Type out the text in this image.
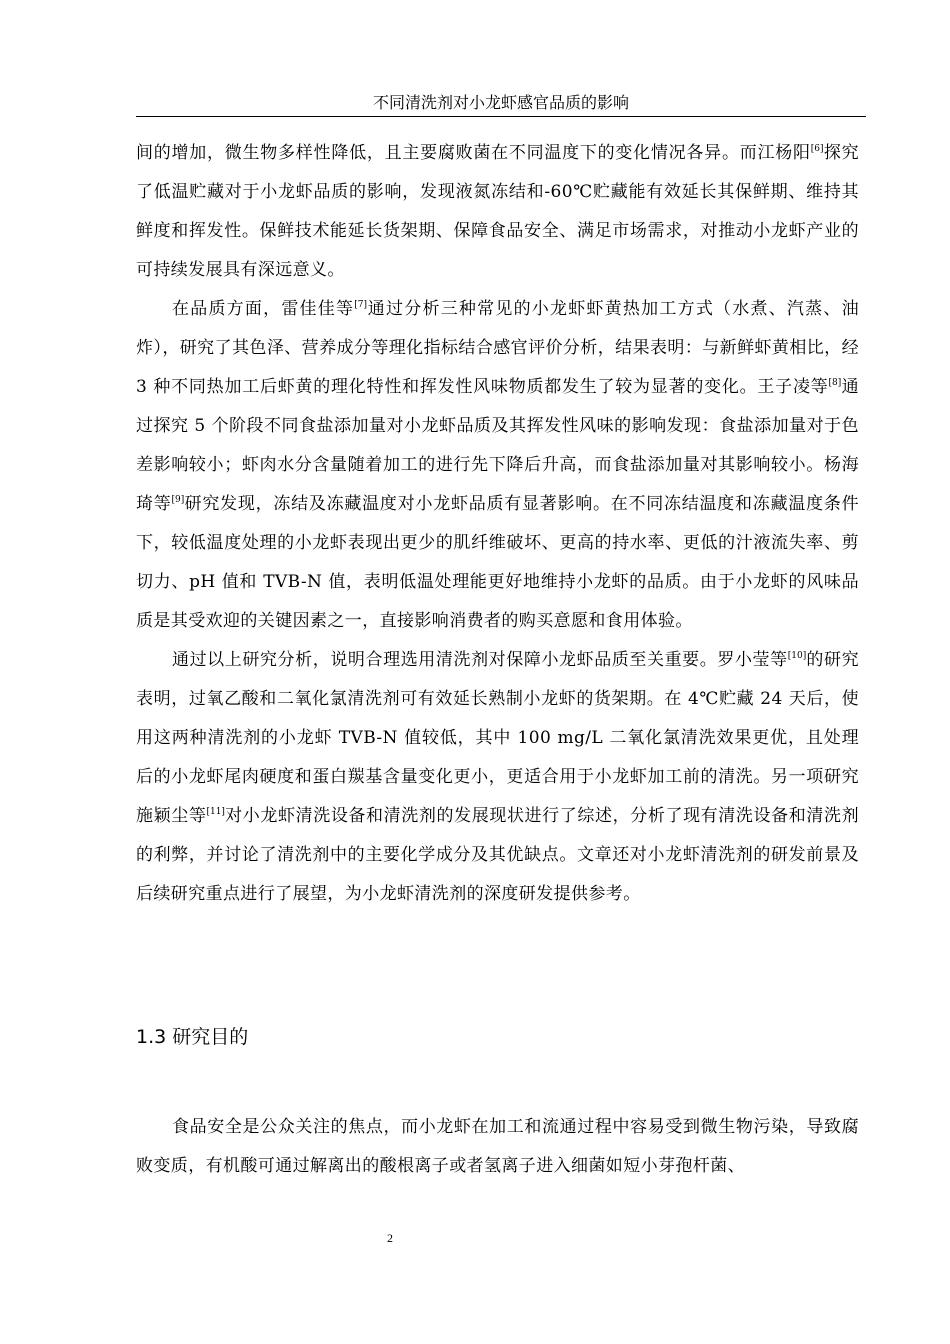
不同清洗剂对小龙虾感官品质的影响

间的增加，微生物多样性降低，且主要腐败菌在不同温度下的变化情况各异。而江杨阳[6]探究了低温贮藏对于小龙虾品质的影响，发现液氮冻结和-60℃贮藏能有效延长其保鲜期、维持其鲜度和挥发性。保鲜技术能延长货架期、保障食品安全、满足市场需求，对推动小龙虾产业的可持续发展具有深远意义。

在品质方面，雷佳佳等[7]通过分析三种常见的小龙虾虾黄热加工方式（水煮、汽蒸、油炸），研究了其色泽、营养成分等理化指标结合感官评价分析，结果表明：与新鲜虾黄相比，经 3 种不同热加工后虾黄的理化特性和挥发性风味物质都发生了较为显著的变化。王子凌等[8]通过探究 5 个阶段不同食盐添加量对小龙虾品质及其挥发性风味的影响发现：食盐添加量对于色差影响较小；虾肉水分含量随着加工的进行先下降后升高，而食盐添加量对其影响较小。杨海琦等[9]研究发现，冻结及冻藏温度对小龙虾品质有显著影响。在不同冻结温度和冻藏温度条件下，较低温度处理的小龙虾表现出更少的肌纤维破坏、更高的持水率、更低的汁液流失率、剪切力、pH 值和 TVB-N 值，表明低温处理能更好地维持小龙虾的品质。由于小龙虾的风味品质是其受欢迎的关键因素之一，直接影响消费者的购买意愿和食用体验。

通过以上研究分析，说明合理选用清洗剂对保障小龙虾品质至关重要。罗小莹等[10]的研究表明，过氧乙酸和二氧化氯清洗剂可有效延长熟制小龙虾的货架期。在 4℃贮藏 24 天后，使用这两种清洗剂的小龙虾 TVB-N 值较低，其中 100 mg/L 二氧化氯清洗效果更优，且处理后的小龙虾尾肉硬度和蛋白羰基含量变化更小，更适合用于小龙虾加工前的清洗。另一项研究施颖尘等[11]对小龙虾清洗设备和清洗剂的发展现状进行了综述，分析了现有清洗设备和清洗剂的利弊，并讨论了清洗剂中的主要化学成分及其优缺点。文章还对小龙虾清洗剂的研发前景及后续研究重点进行了展望，为小龙虾清洗剂的深度研发提供参考。

1.3 研究目的

食品安全是公众关注的焦点，而小龙虾在加工和流通过程中容易受到微生物污染，导致腐败变质，有机酸可通过解离出的酸根离子或者氢离子进入细菌如短小芽孢杆菌、

2
